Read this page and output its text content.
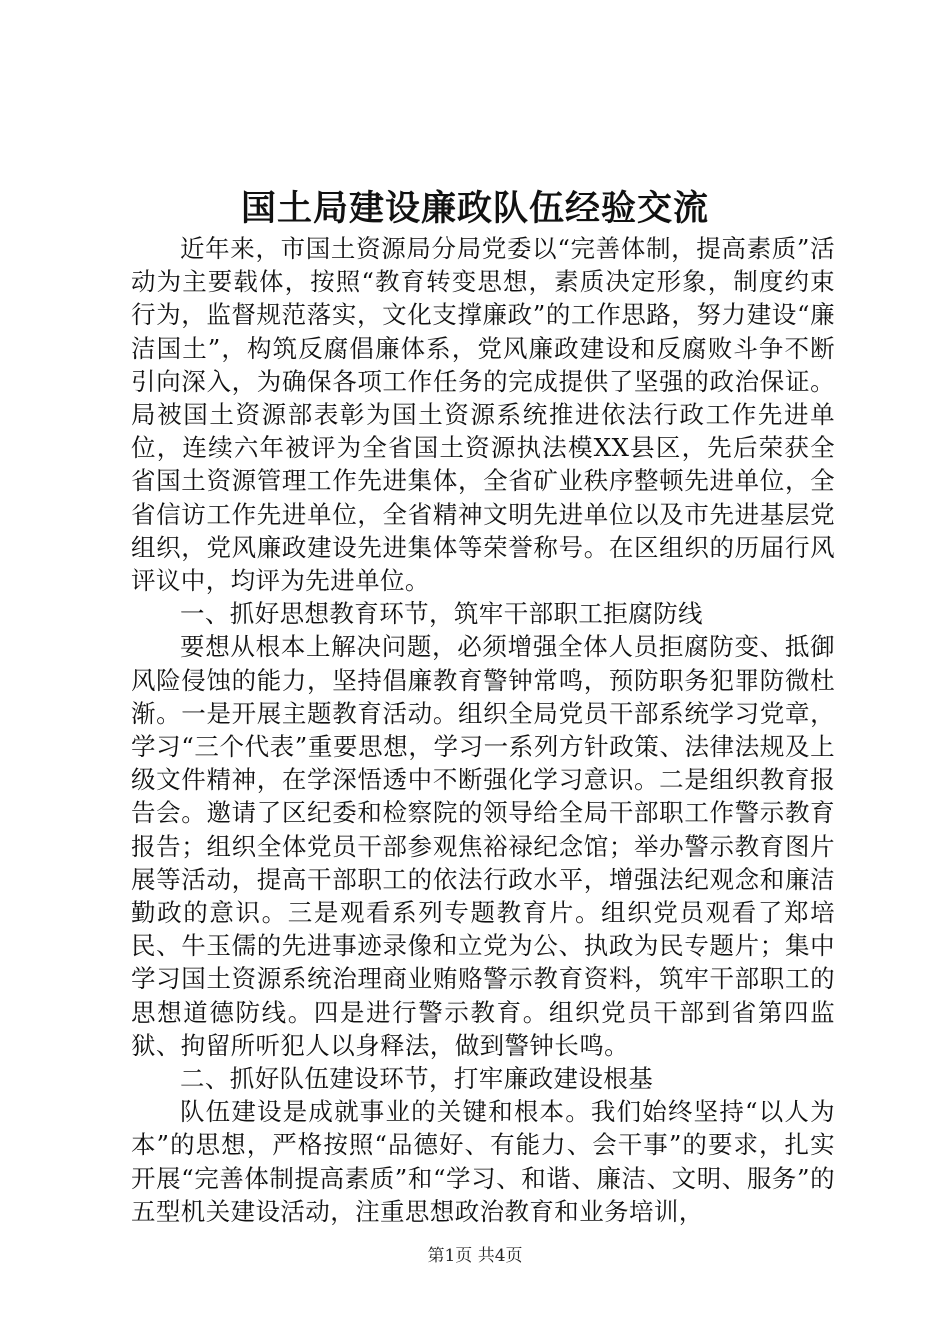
国土局建设廉政队伍经验交流

近年来，市国土资源局分局党委以“完善体制，提高素质”活动为主要载体，按照“教育转变思想，素质决定形象，制度约束行为，监督规范落实，文化支撑廉政”的工作思路，努力建设“廉洁国土”，构筑反腐倡廉体系，党风廉政建设和反腐败斗争不断引向深入，为确保各项工作任务的完成提供了坚强的政治保证。局被国土资源部表彰为国土资源系统推进依法行政工作先进单位，连续六年被评为全省国土资源执法模XX县区，先后荣获全省国土资源管理工作先进集体，全省矿业秩序整顿先进单位，全省信访工作先进单位，全省精神文明先进单位以及市先进基层党组织，党风廉政建设先进集体等荣誉称号。在区组织的历届行风评议中，均评为先进单位。

一、抓好思想教育环节，筑牢干部职工拒腐防线

要想从根本上解决问题，必须增强全体人员拒腐防变、抵御风险侵蚀的能力，坚持倡廉教育警钟常鸣，预防职务犯罪防微杜渐。一是开展主题教育活动。组织全局党员干部系统学习党章，学习“三个代表”重要思想，学习一系列方针政策、法律法规及上级文件精神，在学深悟透中不断强化学习意识。二是组织教育报告会。邀请了区纪委和检察院的领导给全局干部职工作警示教育报告；组织全体党员干部参观焦裕禄纪念馆；举办警示教育图片展等活动，提高干部职工的依法行政水平，增强法纪观念和廉洁勤政的意识。三是观看系列专题教育片。组织党员观看了郑培民、牛玉儒的先进事迹录像和立党为公、执政为民专题片；集中学习国土资源系统治理商业贿赂警示教育资料，筑牢干部职工的思想道德防线。四是进行警示教育。组织党员干部到省第四监狱、拘留所听犯人以身释法，做到警钟长鸣。

二、抓好队伍建设环节，打牢廉政建设根基

队伍建设是成就事业的关键和根本。我们始终坚持“以人为本”的思想，严格按照“品德好、有能力、会干事”的要求，扎实开展“完善体制提高素质”和“学习、和谐、廉洁、文明、服务”的五型机关建设活动，注重思想政治教育和业务培训，

第1页 共4页
